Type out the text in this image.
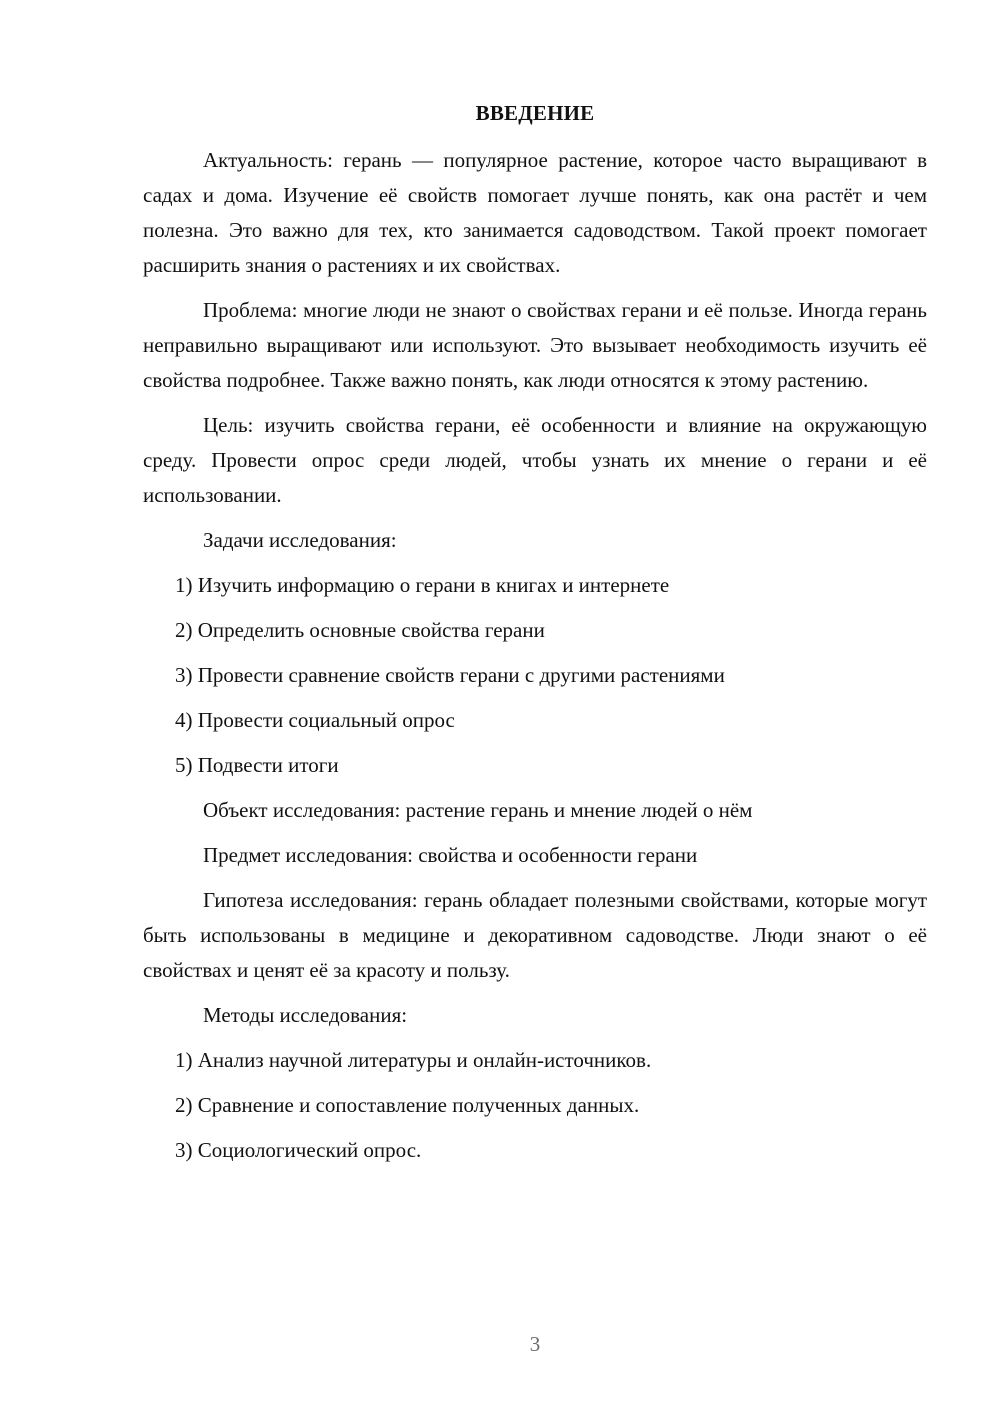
ВВЕДЕНИЕ

Актуальность: герань — популярное растение, которое часто выращивают в садах и дома. Изучение её свойств помогает лучше понять, как она растёт и чем полезна. Это важно для тех, кто занимается садоводством. Такой проект помогает расширить знания о растениях и их свойствах.

Проблема: многие люди не знают о свойствах герани и её пользе. Иногда герань неправильно выращивают или используют. Это вызывает необходимость изучить её свойства подробнее. Также важно понять, как люди относятся к этому растению.

Цель: изучить свойства герани, её особенности и влияние на окружающую среду. Провести опрос среди людей, чтобы узнать их мнение о герани и её использовании.

Задачи исследования:
1) Изучить информацию о герани в книгах и интернете
2) Определить основные свойства герани
3) Провести сравнение свойств герани с другими растениями
4) Провести социальный опрос
5) Подвести итоги
Объект исследования: растение герань и мнение людей о нём
Предмет исследования: свойства и особенности герани

Гипотеза исследования: герань обладает полезными свойствами, которые могут быть использованы в медицине и декоративном садоводстве. Люди знают о её свойствах и ценят её за красоту и пользу.

Методы исследования:
1) Анализ научной литературы и онлайн-источников.
2) Сравнение и сопоставление полученных данных.
3) Социологический опрос.
3
